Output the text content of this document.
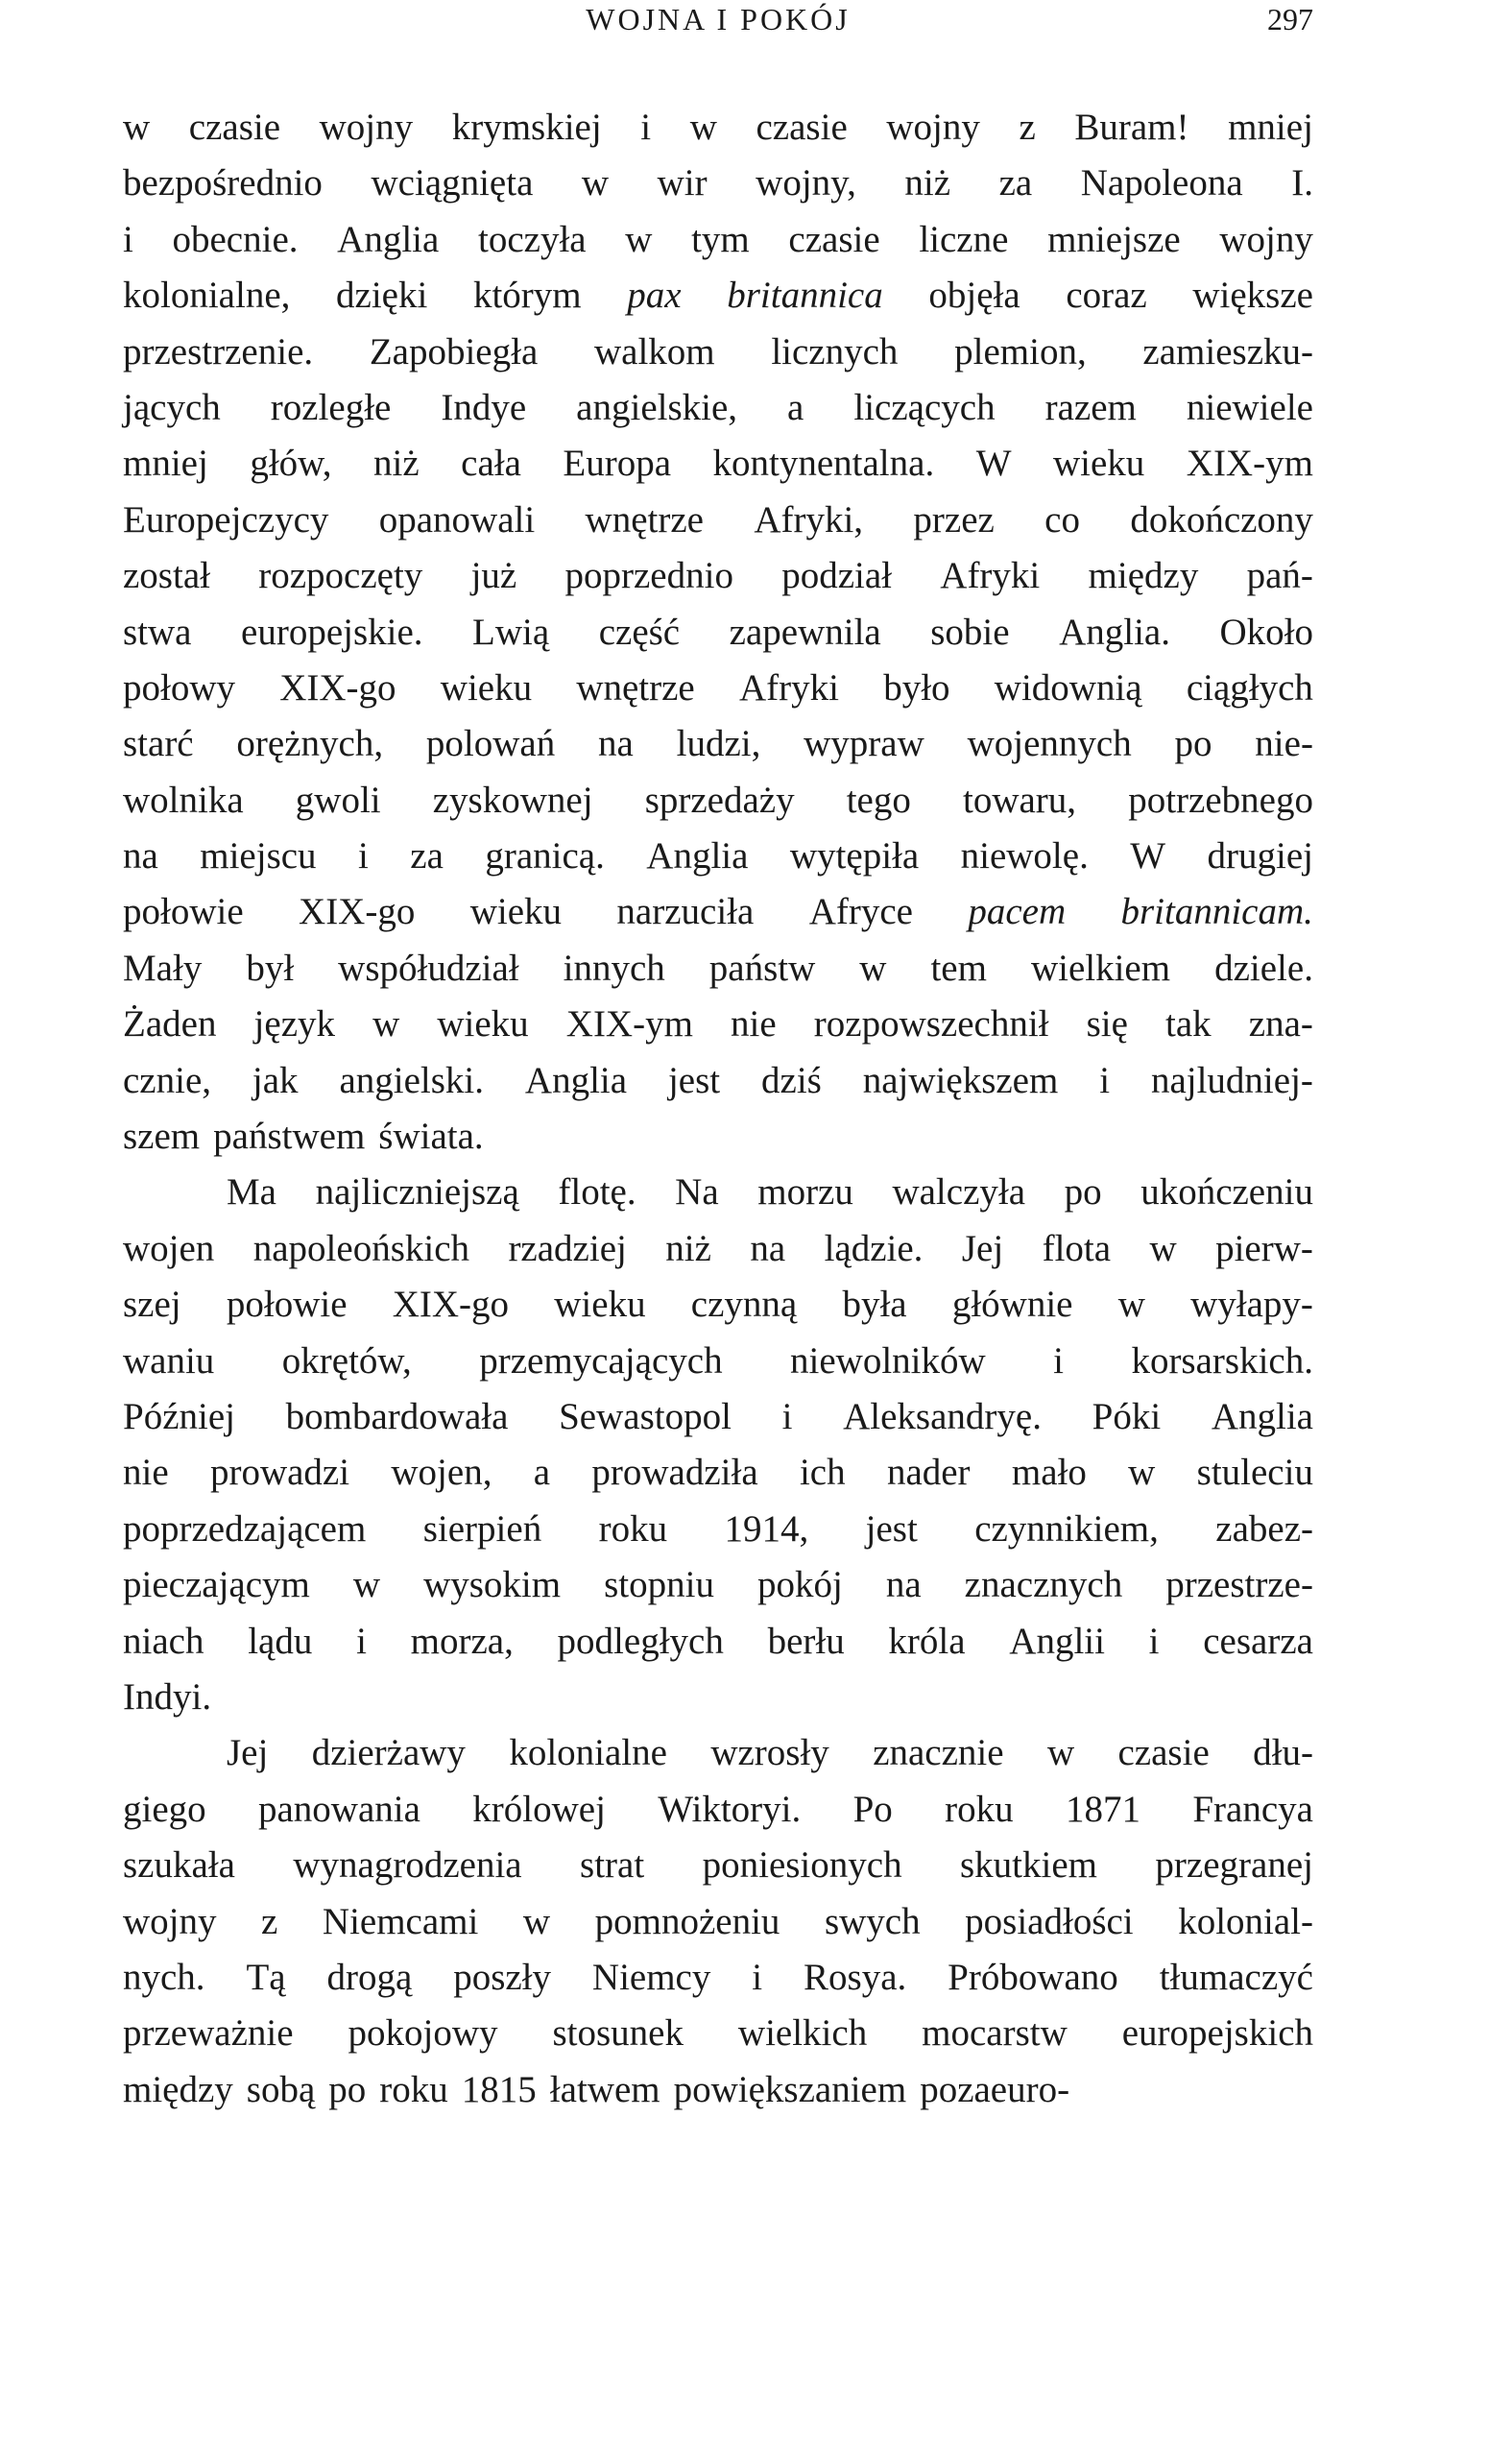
WOJNA I POKÓJ	297
w czasie wojny krymskiej i w czasie wojny z Buram! mniej
bezpośrednio wciągnięta w wir wojny, niż za Napoleona I.
i obecnie. Anglia toczyła w tym czasie liczne mniejsze wojny
kolonialne, dzięki którym pax britannica objęła coraz większe
przestrzenie. Zapobiegła walkom licznych plemion, zamieszku-
jących rozległe Indye angielskie, a liczących razem niewiele
mniej głów, niż cała Europa kontynentalna. W wieku XIX-ym
Europejczycy opanowali wnętrze Afryki, przez co dokończony
został rozpoczęty już poprzednio podział Afryki między pań-
stwa europejskie. Lwią część zapewnila sobie Anglia. Około
połowy XIX-go wieku wnętrze Afryki było widownią ciągłych
starć orężnych, polowań na ludzi, wypraw wojennych po nie-
wolnika gwoli zyskownej sprzedaży tego towaru, potrzebnego
na miejscu i za granicą. Anglia wytępiła niewolę. W drugiej
połowie XIX-go wieku narzuciła Afryce pacem britannicam.
Mały był współudział innych państw w tem wielkiem dziele.
Żaden język w wieku XIX-ym nie rozpowszechnił się tak zna-
cznie, jak angielski. Anglia jest dziś największem i najludniej-
szem państwem świata.
Ma najliczniejszą flotę. Na morzu walczyła po ukończeniu
wojen napoleońskich rzadziej niż na lądzie. Jej flota w pierw-
szej połowie XIX-go wieku czynną była głównie w wyłapy-
waniu okrętów, przemycających niewolników i korsarskich.
Później bombardowała Sewastopol i Aleksandryę. Póki Anglia
nie prowadzi wojen, a prowadziła ich nader mało w stuleciu
poprzedzającem sierpień roku 1914, jest czynnikiem, zabez-
pieczającym w wysokim stopniu pokój na znacznych przestrze-
niach lądu i morza, podległych berłu króla Anglii i cesarza
Indyi.
Jej dzierżawy kolonialne wzrosły znacznie w czasie dłu-
giego panowania królowej Wiktoryi. Po roku 1871 Francya
szukała wynagrodzenia strat poniesionych skutkiem przegranej
wojny z Niemcami w pomnożeniu swych posiadłości kolonial-
nych. Tą drogą poszły Niemcy i Rosya. Próbowano tłumaczyć
przeważnie pokojowy stosunek wielkich mocarstw europejskich
między sobą po roku 1815 łatwem powiększaniem pozaeuro-
